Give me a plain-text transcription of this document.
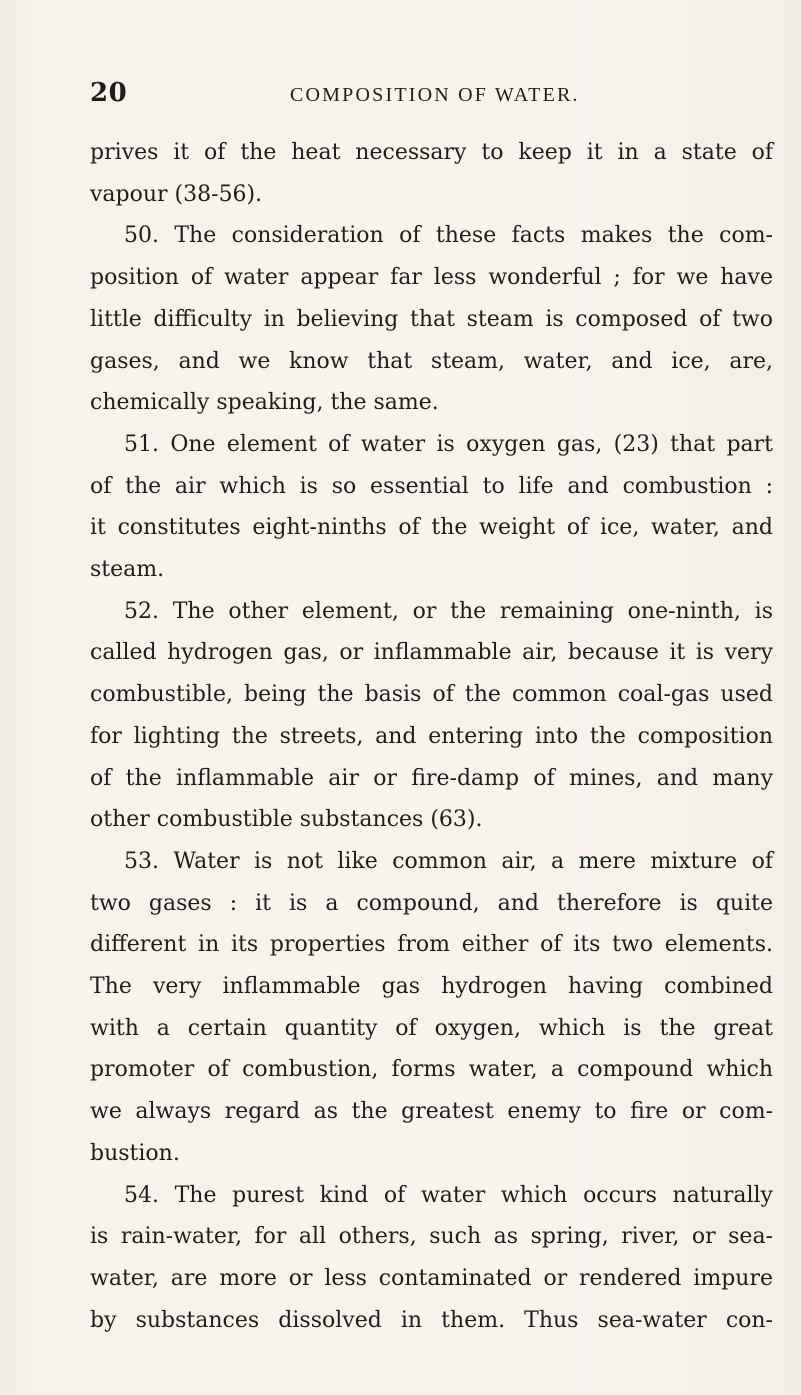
20	COMPOSITION OF WATER.
prives it of the heat necessary to keep it in a state of
vapour (38-56).
50. The consideration of these facts makes the com-
position of water appear far less wonderful ; for we have
little difficulty in believing that steam is composed of two
gases, and we know that steam, water, and ice, are,
chemically speaking, the same.
51. One element of water is oxygen gas, (23) that part
of the air which is so essential to life and combustion :
it constitutes eight-ninths of the weight of ice, water, and
steam.
52. The other element, or the remaining one-ninth, is
called hydrogen gas, or inflammable air, because it is very
combustible, being the basis of the common coal-gas used
for lighting the streets, and entering into the composition
of the inflammable air or fire-damp of mines, and many
other combustible substances (63).
53. Water is not like common air, a mere mixture of
two gases : it is a compound, and therefore is quite
different in its properties from either of its two elements.
The very inflammable gas hydrogen having combined
with a certain quantity of oxygen, which is the great
promoter of combustion, forms water, a compound which
we always regard as the greatest enemy to fire or com-
bustion.
54. The purest kind of water which occurs naturally
is rain-water, for all others, such as spring, river, or sea-
water, are more or less contaminated or rendered impure
by substances dissolved in them. Thus sea-water con-
